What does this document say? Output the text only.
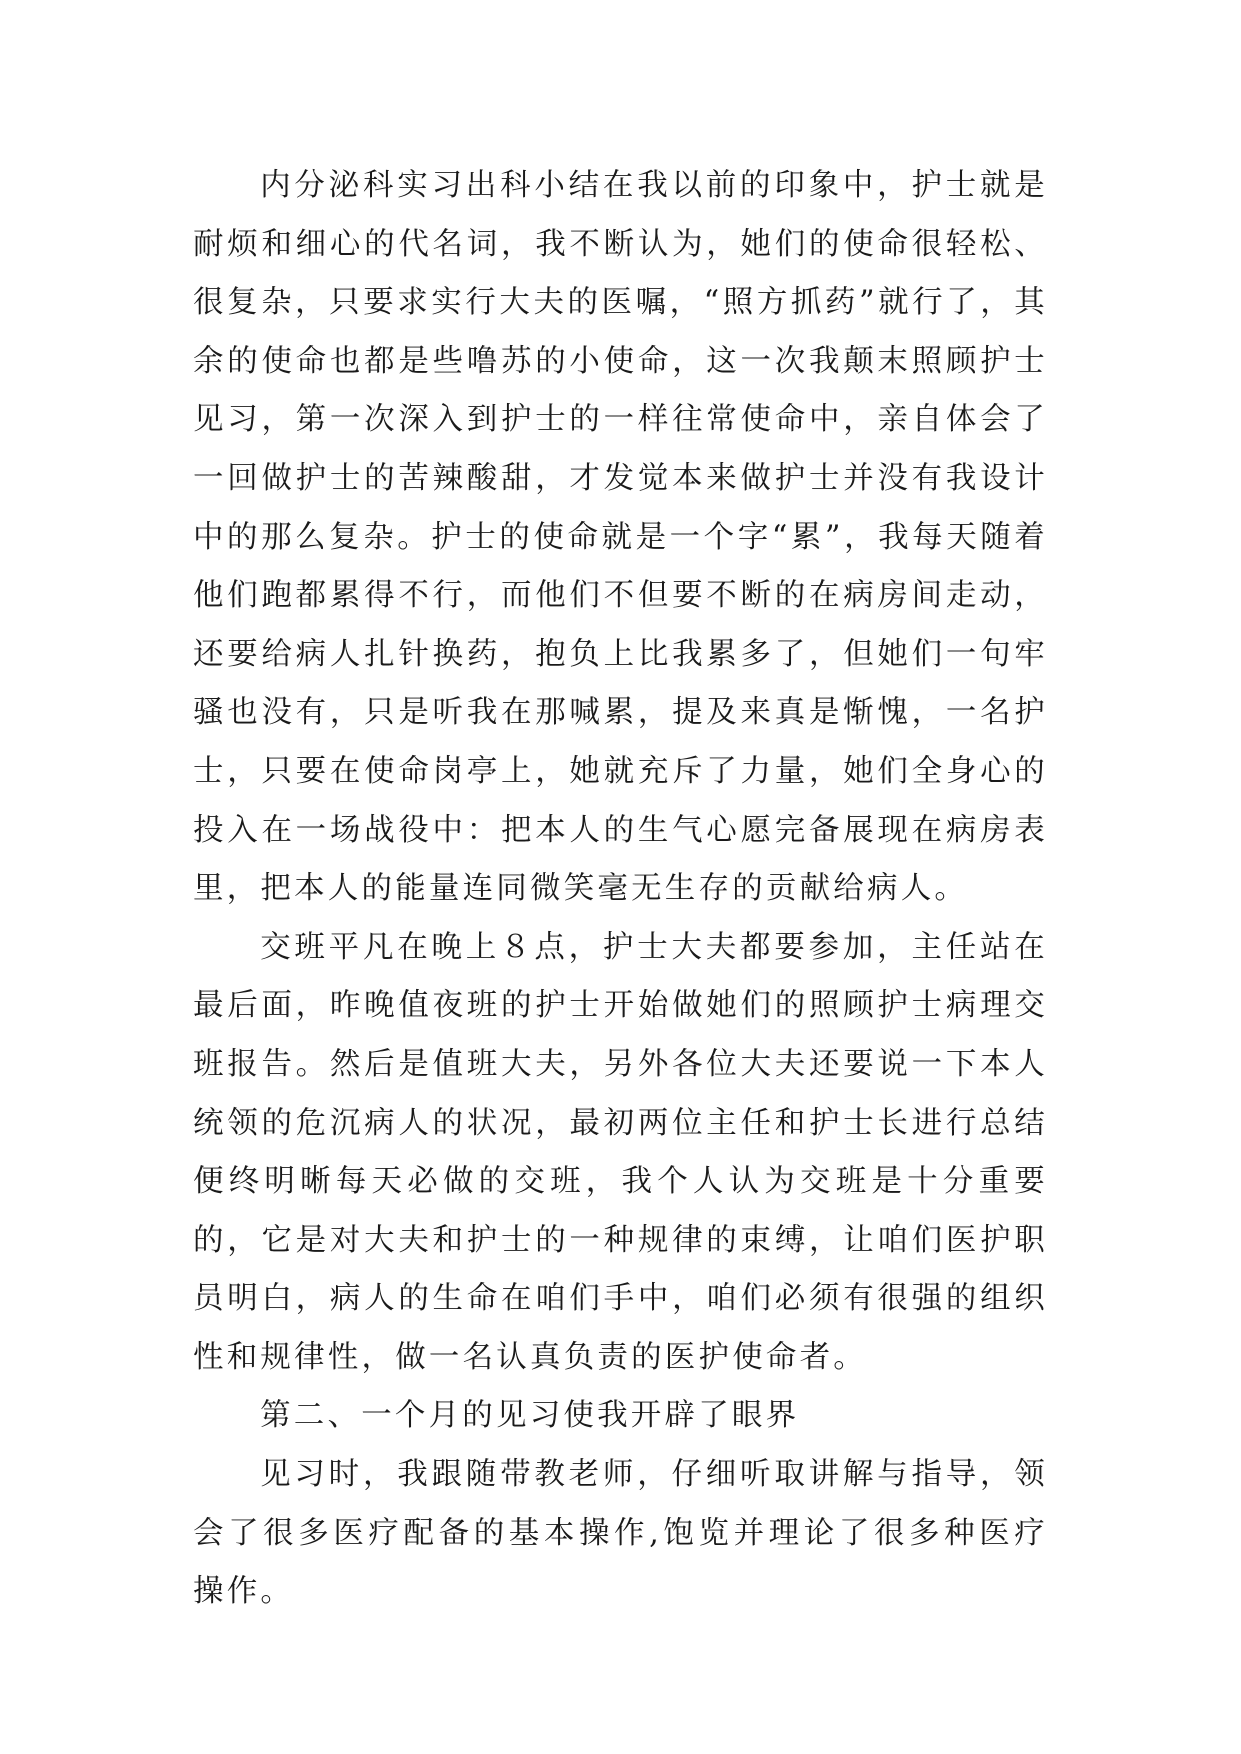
内分泌科实习出科小结在我以前的印象中，护士就是耐烦和细心的代名词，我不断认为，她们的使命很轻松、很复杂，只要求实行大夫的医嘱，“照方抓药”就行了，其余的使命也都是些噜苏的小使命，这一次我颠末照顾护士见习，第一次深入到护士的一样往常使命中，亲自体会了一回做护士的苦辣酸甜，才发觉本来做护士并没有我设计中的那么复杂。护士的使命就是一个字“累”，我每天随着他们跑都累得不行，而他们不但要不断的在病房间走动，还要给病人扎针换药，抱负上比我累多了，但她们一句牢骚也没有，只是听我在那喊累，提及来真是惭愧，一名护士，只要在使命岗亭上，她就充斥了力量，她们全身心的投入在一场战役中：把本人的生气心愿完备展现在病房表里，把本人的能量连同微笑毫无生存的贡献给病人。

交班平凡在晚上８点，护士大夫都要参加，主任站在最后面，昨晚值夜班的护士开始做她们的照顾护士病理交班报告。然后是值班大夫，另外各位大夫还要说一下本人统领的危沉病人的状况，最初两位主任和护士长进行总结便终明晰每天必做的交班，我个人认为交班是十分重要的，它是对大夫和护士的一种规律的束缚，让咱们医护职员明白，病人的生命在咱们手中，咱们必须有很强的组织性和规律性，做一名认真负责的医护使命者。

第二、一个月的见习使我开辟了眼界

见习时，我跟随带教老师，仔细听取讲解与指导，领会了很多医疗配备的基本操作,饱览并理论了很多种医疗操作。
